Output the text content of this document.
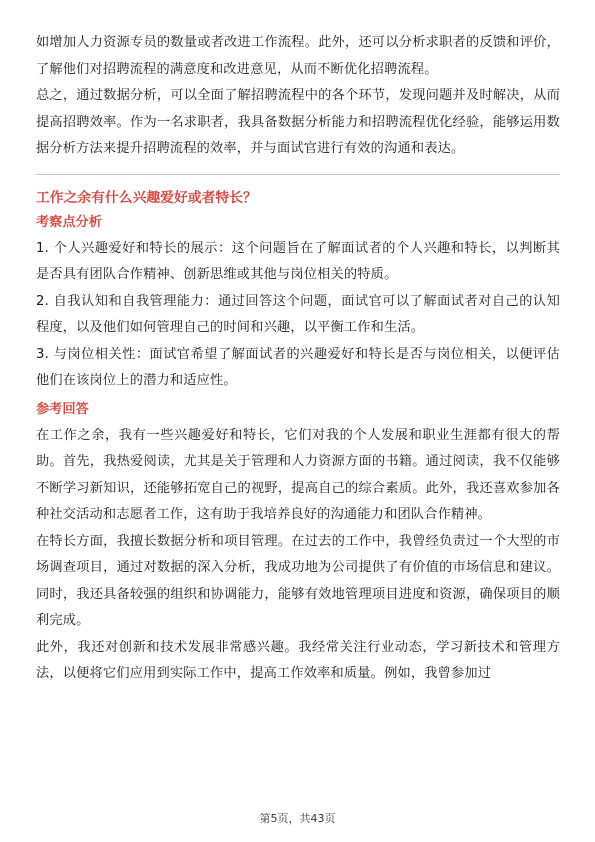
如增加人力资源专员的数量或者改进工作流程。此外，还可以分析求职者的反馈和评价，了解他们对招聘流程的满意度和改进意见，从而不断优化招聘流程。

总之，通过数据分析，可以全面了解招聘流程中的各个环节，发现问题并及时解决，从而提高招聘效率。作为一名求职者，我具备数据分析能力和招聘流程优化经验，能够运用数据分析方法来提升招聘流程的效率，并与面试官进行有效的沟通和表达。

工作之余有什么兴趣爱好或者特长？

考察点分析

1. 个人兴趣爱好和特长的展示：这个问题旨在了解面试者的个人兴趣和特长，以判断其是否具有团队合作精神、创新思维或其他与岗位相关的特质。

2. 自我认知和自我管理能力：通过回答这个问题，面试官可以了解面试者对自己的认知程度，以及他们如何管理自己的时间和兴趣，以平衡工作和生活。

3. 与岗位相关性：面试官希望了解面试者的兴趣爱好和特长是否与岗位相关，以便评估他们在该岗位上的潜力和适应性。

参考回答

在工作之余，我有一些兴趣爱好和特长，它们对我的个人发展和职业生涯都有很大的帮助。首先，我热爱阅读，尤其是关于管理和人力资源方面的书籍。通过阅读，我不仅能够不断学习新知识，还能够拓宽自己的视野，提高自己的综合素质。此外，我还喜欢参加各种社交活动和志愿者工作，这有助于我培养良好的沟通能力和团队合作精神。

在特长方面，我擅长数据分析和项目管理。在过去的工作中，我曾经负责过一个大型的市场调查项目，通过对数据的深入分析，我成功地为公司提供了有价值的市场信息和建议。同时，我还具备较强的组织和协调能力，能够有效地管理项目进度和资源，确保项目的顺利完成。

此外，我还对创新和技术发展非常感兴趣。我经常关注行业动态，学习新技术和管理方法，以便将它们应用到实际工作中，提高工作效率和质量。例如，我曾参加过

第5页，共43页
